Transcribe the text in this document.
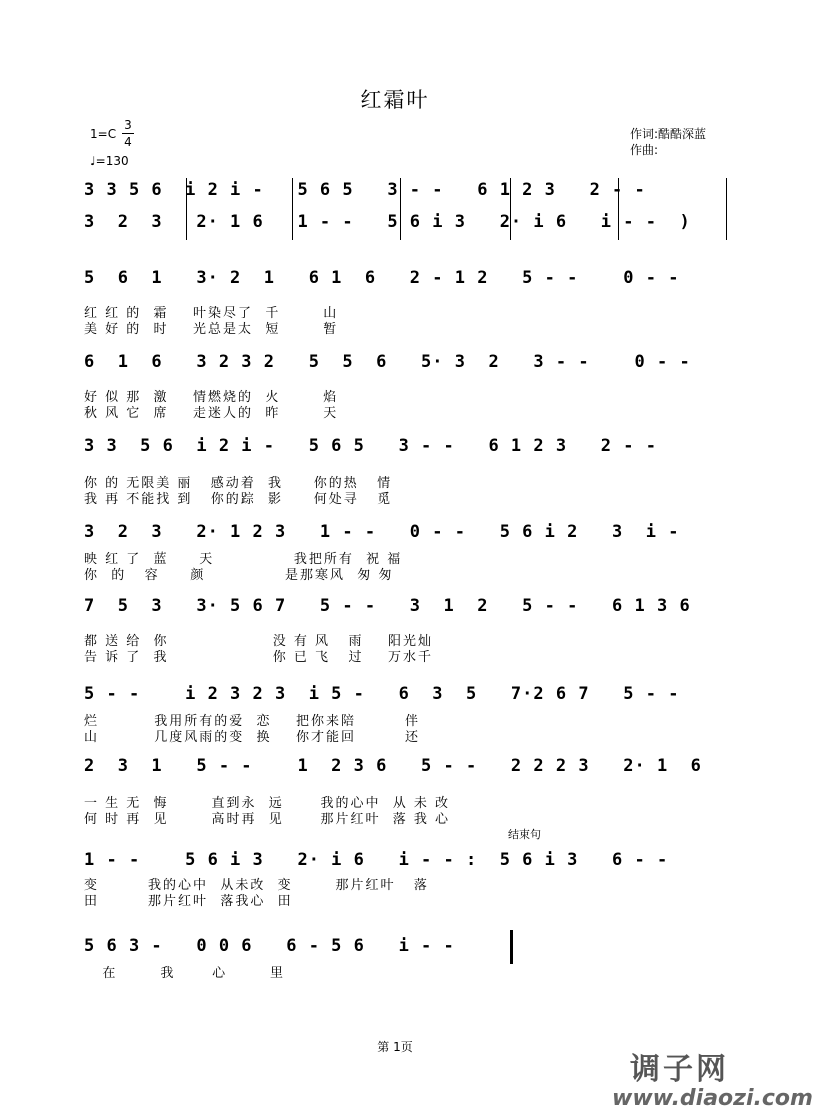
红霜叶
1=C
3
4
♩=130
作词:酷酷深蓝
作曲:
3 3 5 6  i 2 i -   5 6 5   3 - -   6 1 2 3   2 - -
3  2  3   2· 1 6   1 - -   5 6 i 3   2· i 6   i - -  )
5  6  1   3· 2  1   6 1  6   2 - 1 2   5 - -    0 - -
红 红 的  霜    叶染尽了  千       山
美 好 的  时    光总是太  短       暂
6  1  6   3 2 3 2   5  5  6   5· 3  2   3 - -    0 - -
好 似 那  激    情燃烧的  火       焰
秋 风 它  席    走迷人的  昨       天
3 3  5 6  i 2 i -   5 6 5   3 - -   6 1 2 3   2 - -
你 的 无限美 丽   感动着  我     你的热   情
我 再 不能找 到   你的踪  影     何处寻   觅
3  2  3   2· 1 2 3   1 - -   0 - -   5 6 i 2   3  i -
映 红 了  蓝     天             我把所有  祝 福
你  的   容     颜             是那寒风  匆 匆
7  5  3   3· 5 6 7   5 - -   3  1  2   5 - -   6 1 3 6
都 送 给  你                 没 有 风   雨    阳光灿
告 诉 了  我                 你 已 飞   过    万水千
5 - -    i 2 3 2 3  i 5 -   6  3  5   7·2 6 7   5 - -
烂         我用所有的爱  恋    把你来陪        伴
山         几度风雨的变  换    你才能回        还
2  3  1   5 - -    1  2 3 6   5 - -   2 2 2 3   2· 1  6
一 生 无  悔       直到永  远      我的心中  从 未 改
何 时 再  见       高时再  见      那片红叶  落 我 心
结束句
1 - -    5 6 i 3   2· i 6   i - - :  5 6 i 3   6 - -
变        我的心中  从未改  变       那片红叶   落
田        那片红叶  落我心  田
5 6 3 -   0 0 6   6 - 5 6   i - -
在       我      心       里
第 1页
调子网
www.diaozi.com
